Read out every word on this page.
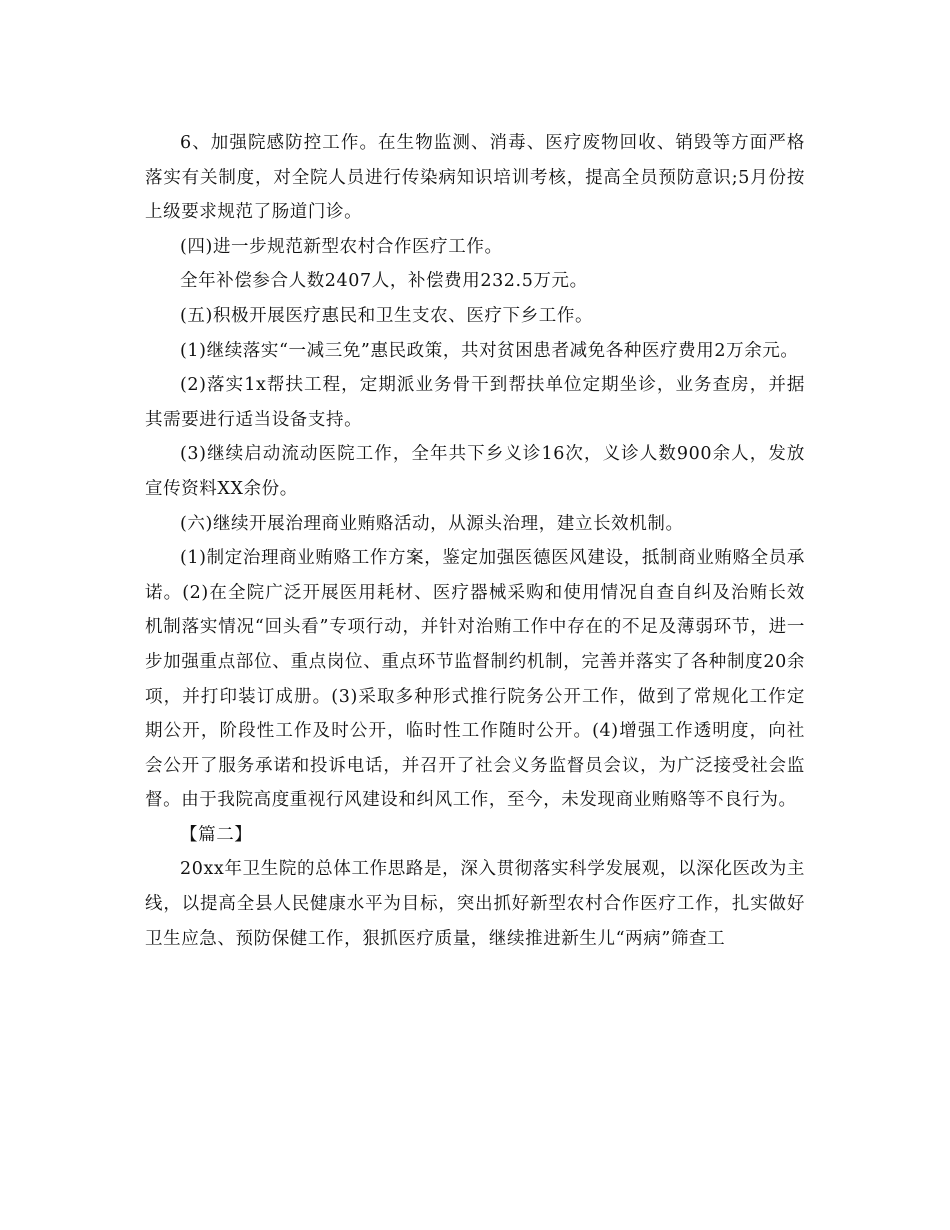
6、加强院感防控工作。在生物监测、消毒、医疗废物回收、销毁等方面严格落实有关制度，对全院人员进行传染病知识培训考核，提高全员预防意识;5月份按上级要求规范了肠道门诊。

(四)进一步规范新型农村合作医疗工作。

全年补偿参合人数2407人，补偿费用232.5万元。

(五)积极开展医疗惠民和卫生支农、医疗下乡工作。

(1)继续落实“一减三免”惠民政策，共对贫困患者减免各种医疗费用2万余元。

(2)落实1x帮扶工程，定期派业务骨干到帮扶单位定期坐诊，业务查房，并据其需要进行适当设备支持。

(3)继续启动流动医院工作，全年共下乡义诊16次，义诊人数900余人，发放宣传资料XX余份。

(六)继续开展治理商业贿赂活动，从源头治理，建立长效机制。

(1)制定治理商业贿赂工作方案，鉴定加强医德医风建设，抵制商业贿赂全员承诺。(2)在全院广泛开展医用耗材、医疗器械采购和使用情况自查自纠及治贿长效机制落实情况“回头看”专项行动，并针对治贿工作中存在的不足及薄弱环节，进一步加强重点部位、重点岗位、重点环节监督制约机制，完善并落实了各种制度20余项，并打印装订成册。(3)采取多种形式推行院务公开工作，做到了常规化工作定期公开，阶段性工作及时公开，临时性工作随时公开。(4)增强工作透明度，向社会公开了服务承诺和投诉电话，并召开了社会义务监督员会议，为广泛接受社会监督。由于我院高度重视行风建设和纠风工作，至今，未发现商业贿赂等不良行为。

【篇二】

20xx年卫生院的总体工作思路是，深入贯彻落实科学发展观，以深化医改为主线，以提高全县人民健康水平为目标，突出抓好新型农村合作医疗工作，扎实做好卫生应急、预防保健工作，狠抓医疗质量，继续推进新生儿“两病”筛查工
